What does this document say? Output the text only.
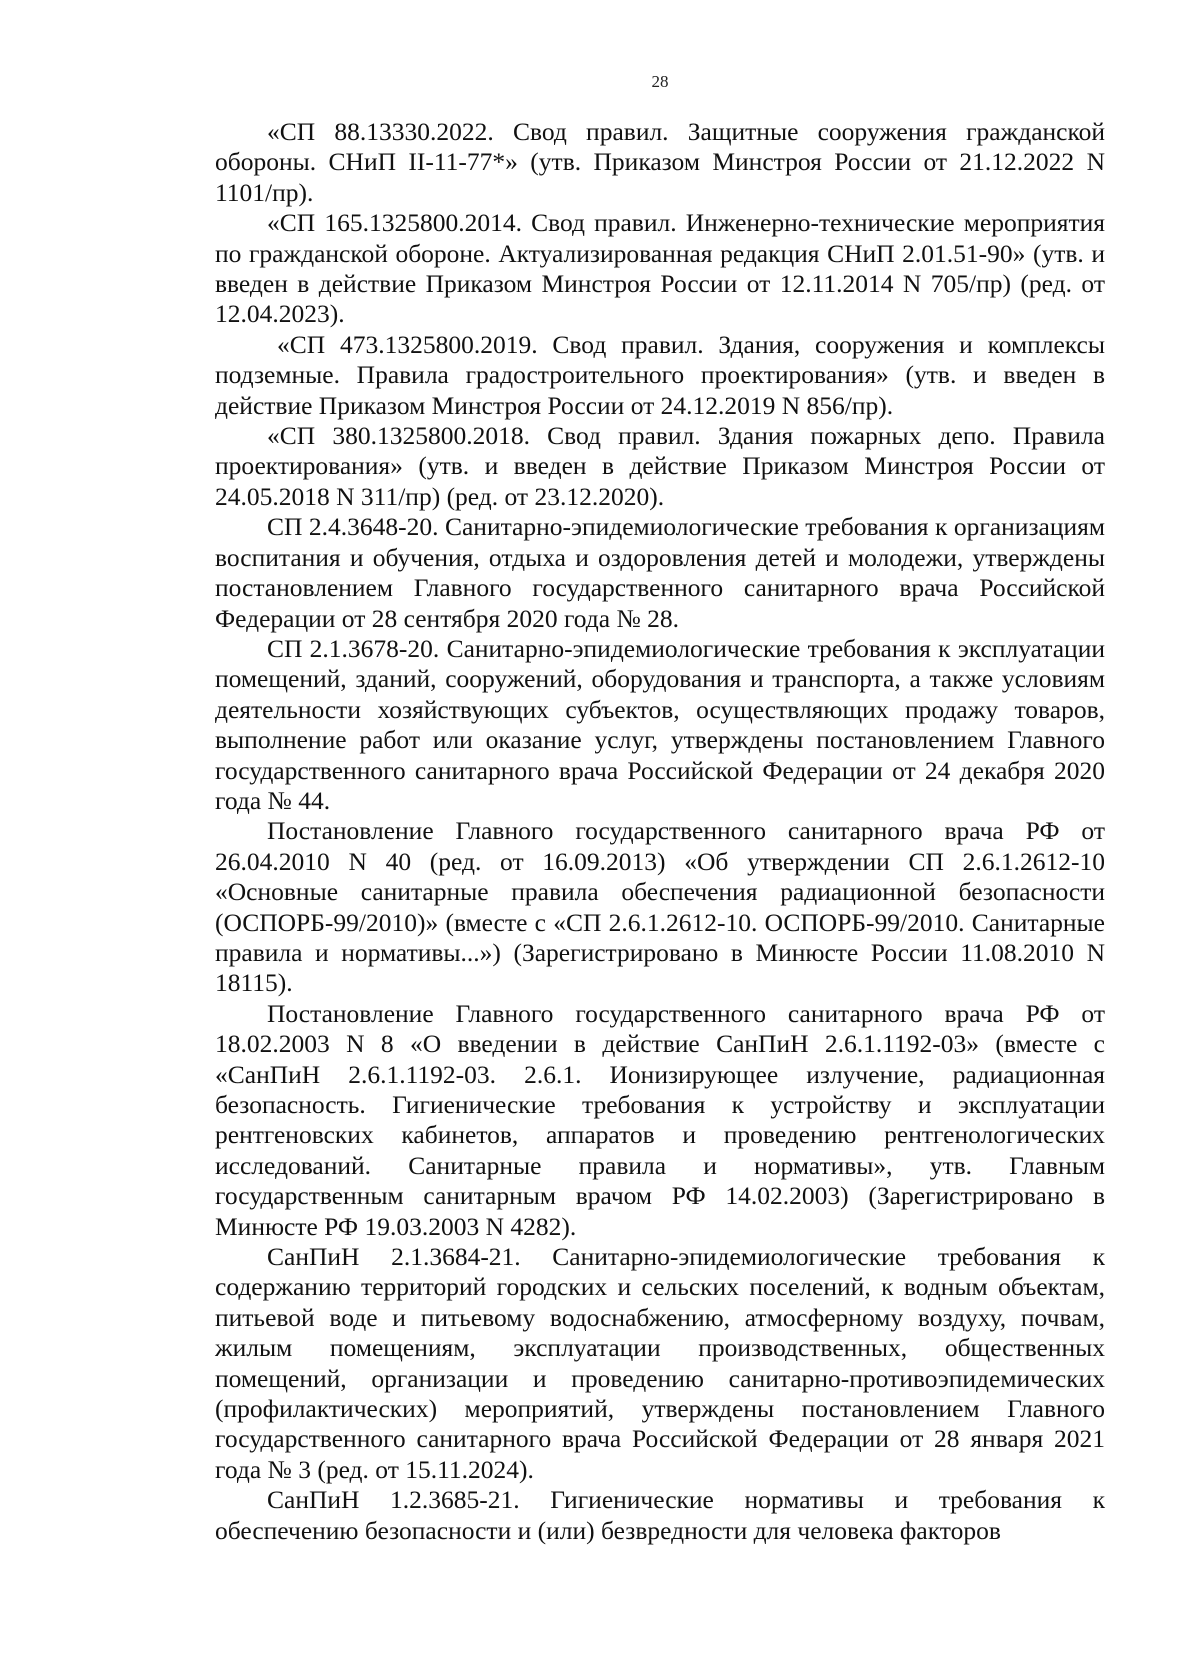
28

«СП 88.13330.2022. Свод правил. Защитные сооружения гражданской обороны. СНиП II-11-77*» (утв. Приказом Минстроя России от 21.12.2022 N 1101/пр).

«СП 165.1325800.2014. Свод правил. Инженерно-технические мероприятия по гражданской обороне. Актуализированная редакция СНиП 2.01.51-90» (утв. и введен в действие Приказом Минстроя России от 12.11.2014 N 705/пр) (ред. от 12.04.2023).

«СП 473.1325800.2019. Свод правил. Здания, сооружения и комплексы подземные. Правила градостроительного проектирования» (утв. и введен в действие Приказом Минстроя России от 24.12.2019 N 856/пр).

«СП 380.1325800.2018. Свод правил. Здания пожарных депо. Правила проектирования» (утв. и введен в действие Приказом Минстроя России от 24.05.2018 N 311/пр) (ред. от 23.12.2020).

СП 2.4.3648-20. Санитарно-эпидемиологические требования к организациям воспитания и обучения, отдыха и оздоровления детей и молодежи, утверждены постановлением Главного государственного санитарного врача Российской Федерации от 28 сентября 2020 года № 28.

СП 2.1.3678-20. Санитарно-эпидемиологические требования к эксплуатации помещений, зданий, сооружений, оборудования и транспорта, а также условиям деятельности хозяйствующих субъектов, осуществляющих продажу товаров, выполнение работ или оказание услуг, утверждены постановлением Главного государственного санитарного врача Российской Федерации от 24 декабря 2020 года № 44.

Постановление Главного государственного санитарного врача РФ от 26.04.2010 N 40 (ред. от 16.09.2013) «Об утверждении СП 2.6.1.2612-10 «Основные санитарные правила обеспечения радиационной безопасности (ОСПОРБ-99/2010)» (вместе с «СП 2.6.1.2612-10. ОСПОРБ-99/2010. Санитарные правила и нормативы...») (Зарегистрировано в Минюсте России 11.08.2010 N 18115).

Постановление Главного государственного санитарного врача РФ от 18.02.2003 N 8 «О введении в действие СанПиН 2.6.1.1192-03» (вместе с «СанПиН 2.6.1.1192-03. 2.6.1. Ионизирующее излучение, радиационная безопасность. Гигиенические требования к устройству и эксплуатации рентгеновских кабинетов, аппаратов и проведению рентгенологических исследований. Санитарные правила и нормативы», утв. Главным государственным санитарным врачом РФ 14.02.2003) (Зарегистрировано в Минюсте РФ 19.03.2003 N 4282).

СанПиН 2.1.3684-21. Санитарно-эпидемиологические требования к содержанию территорий городских и сельских поселений, к водным объектам, питьевой воде и питьевому водоснабжению, атмосферному воздуху, почвам, жилым помещениям, эксплуатации производственных, общественных помещений, организации и проведению санитарно-противоэпидемических (профилактических) мероприятий, утверждены постановлением Главного государственного санитарного врача Российской Федерации от 28 января 2021 года № 3 (ред. от 15.11.2024).

СанПиН 1.2.3685-21. Гигиенические нормативы и требования к обеспечению безопасности и (или) безвредности для человека факторов
